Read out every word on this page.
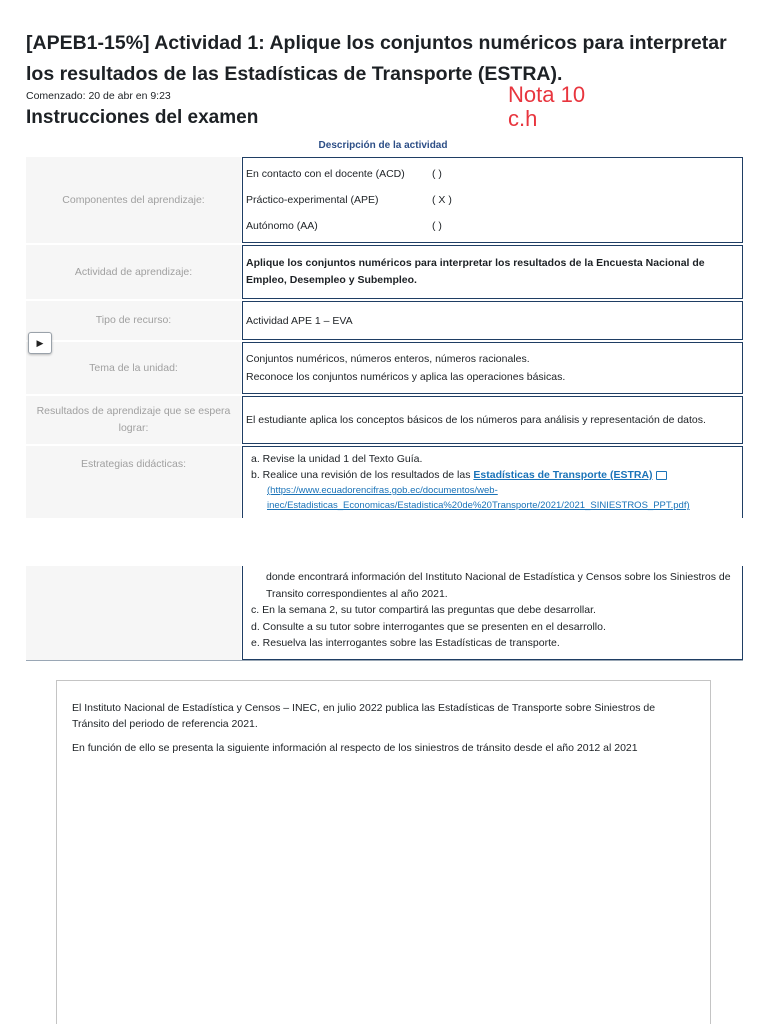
[APEB1-15%] Actividad 1: Aplique los conjuntos numéricos para interpretar los resultados de las Estadísticas de Transporte (ESTRA).
Comenzado: 20 de abr en 9:23
Instrucciones del examen
Nota 10
c.h
Descripción de la actividad
Componentes del aprendizaje:
En contacto con el docente (ACD)	( )
Práctico-experimental (APE)	( X )
Autónomo (AA)	( )
Actividad de aprendizaje:
Aplique los conjuntos numéricos para interpretar los resultados de la Encuesta Nacional de Empleo, Desempleo y Subempleo.
Tipo de recurso:	Actividad APE 1 – EVA
Tema de la unidad:
Conjuntos numéricos, números enteros, números racionales.
Reconoce los conjuntos numéricos y aplica las operaciones básicas.
Resultados de aprendizaje que se espera lograr:
El estudiante aplica los conceptos básicos de los números para análisis y representación de datos.
Estrategias didácticas:	a. Revise la unidad 1 del Texto Guía.
b. Realice una revisión de los resultados de las Estadísticas de Transporte (ESTRA)
(https://www.ecuadorencifras.gob.ec/documentos/web-
inec/Estadisticas_Economicas/Estadistica%20de%20Transporte/2021/2021_SINIESTROS_PPT.pdf)
▶
donde encontrará información del Instituto Nacional de Estadística y Censos sobre los Siniestros de Transito correspondientes al año 2021.
c. En la semana 2, su tutor compartirá las preguntas que debe desarrollar.
d. Consulte a su tutor sobre interrogantes que se presenten en el desarrollo.
e. Resuelva las interrogantes sobre las Estadísticas de transporte.

El Instituto Nacional de Estadística y Censos – INEC, en julio 2022 publica las Estadísticas de Transporte sobre Siniestros de Tránsito del periodo de referencia 2021.

En función de ello se presenta la siguiente información al respecto de los siniestros de tránsito desde el año 2012 al 2021
